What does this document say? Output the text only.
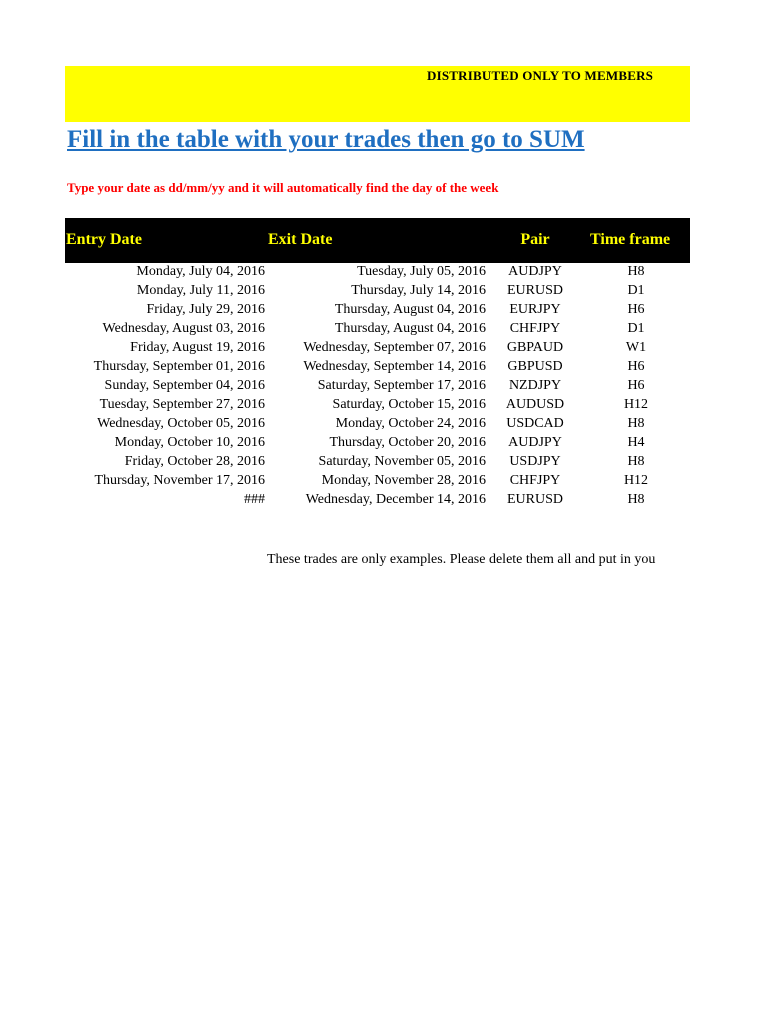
DISTRIBUTED ONLY TO MEMBERS
Fill in the table with your trades then go to SUM
Type your date as dd/mm/yy and it will automatically find the day of the week
Entry Date	Exit Date	Pair	Time frame
Monday, July 04, 2016	Tuesday, July 05, 2016	AUDJPY	H8
Monday, July 11, 2016	Thursday, July 14, 2016	EURUSD	D1
Friday, July 29, 2016	Thursday, August 04, 2016	EURJPY	H6
Wednesday, August 03, 2016	Thursday, August 04, 2016	CHFJPY	D1
Friday, August 19, 2016	Wednesday, September 07, 2016	GBPAUD	W1
Thursday, September 01, 2016	Wednesday, September 14, 2016	GBPUSD	H6
Sunday, September 04, 2016	Saturday, September 17, 2016	NZDJPY	H6
Tuesday, September 27, 2016	Saturday, October 15, 2016	AUDUSD	H12
Wednesday, October 05, 2016	Monday, October 24, 2016	USDCAD	H8
Monday, October 10, 2016	Thursday, October 20, 2016	AUDJPY	H4
Friday, October 28, 2016	Saturday, November 05, 2016	USDJPY	H8
Thursday, November 17, 2016	Monday, November 28, 2016	CHFJPY	H12
###	Wednesday, December 14, 2016	EURUSD	H8
These trades are only examples. Please delete them all and put in you
